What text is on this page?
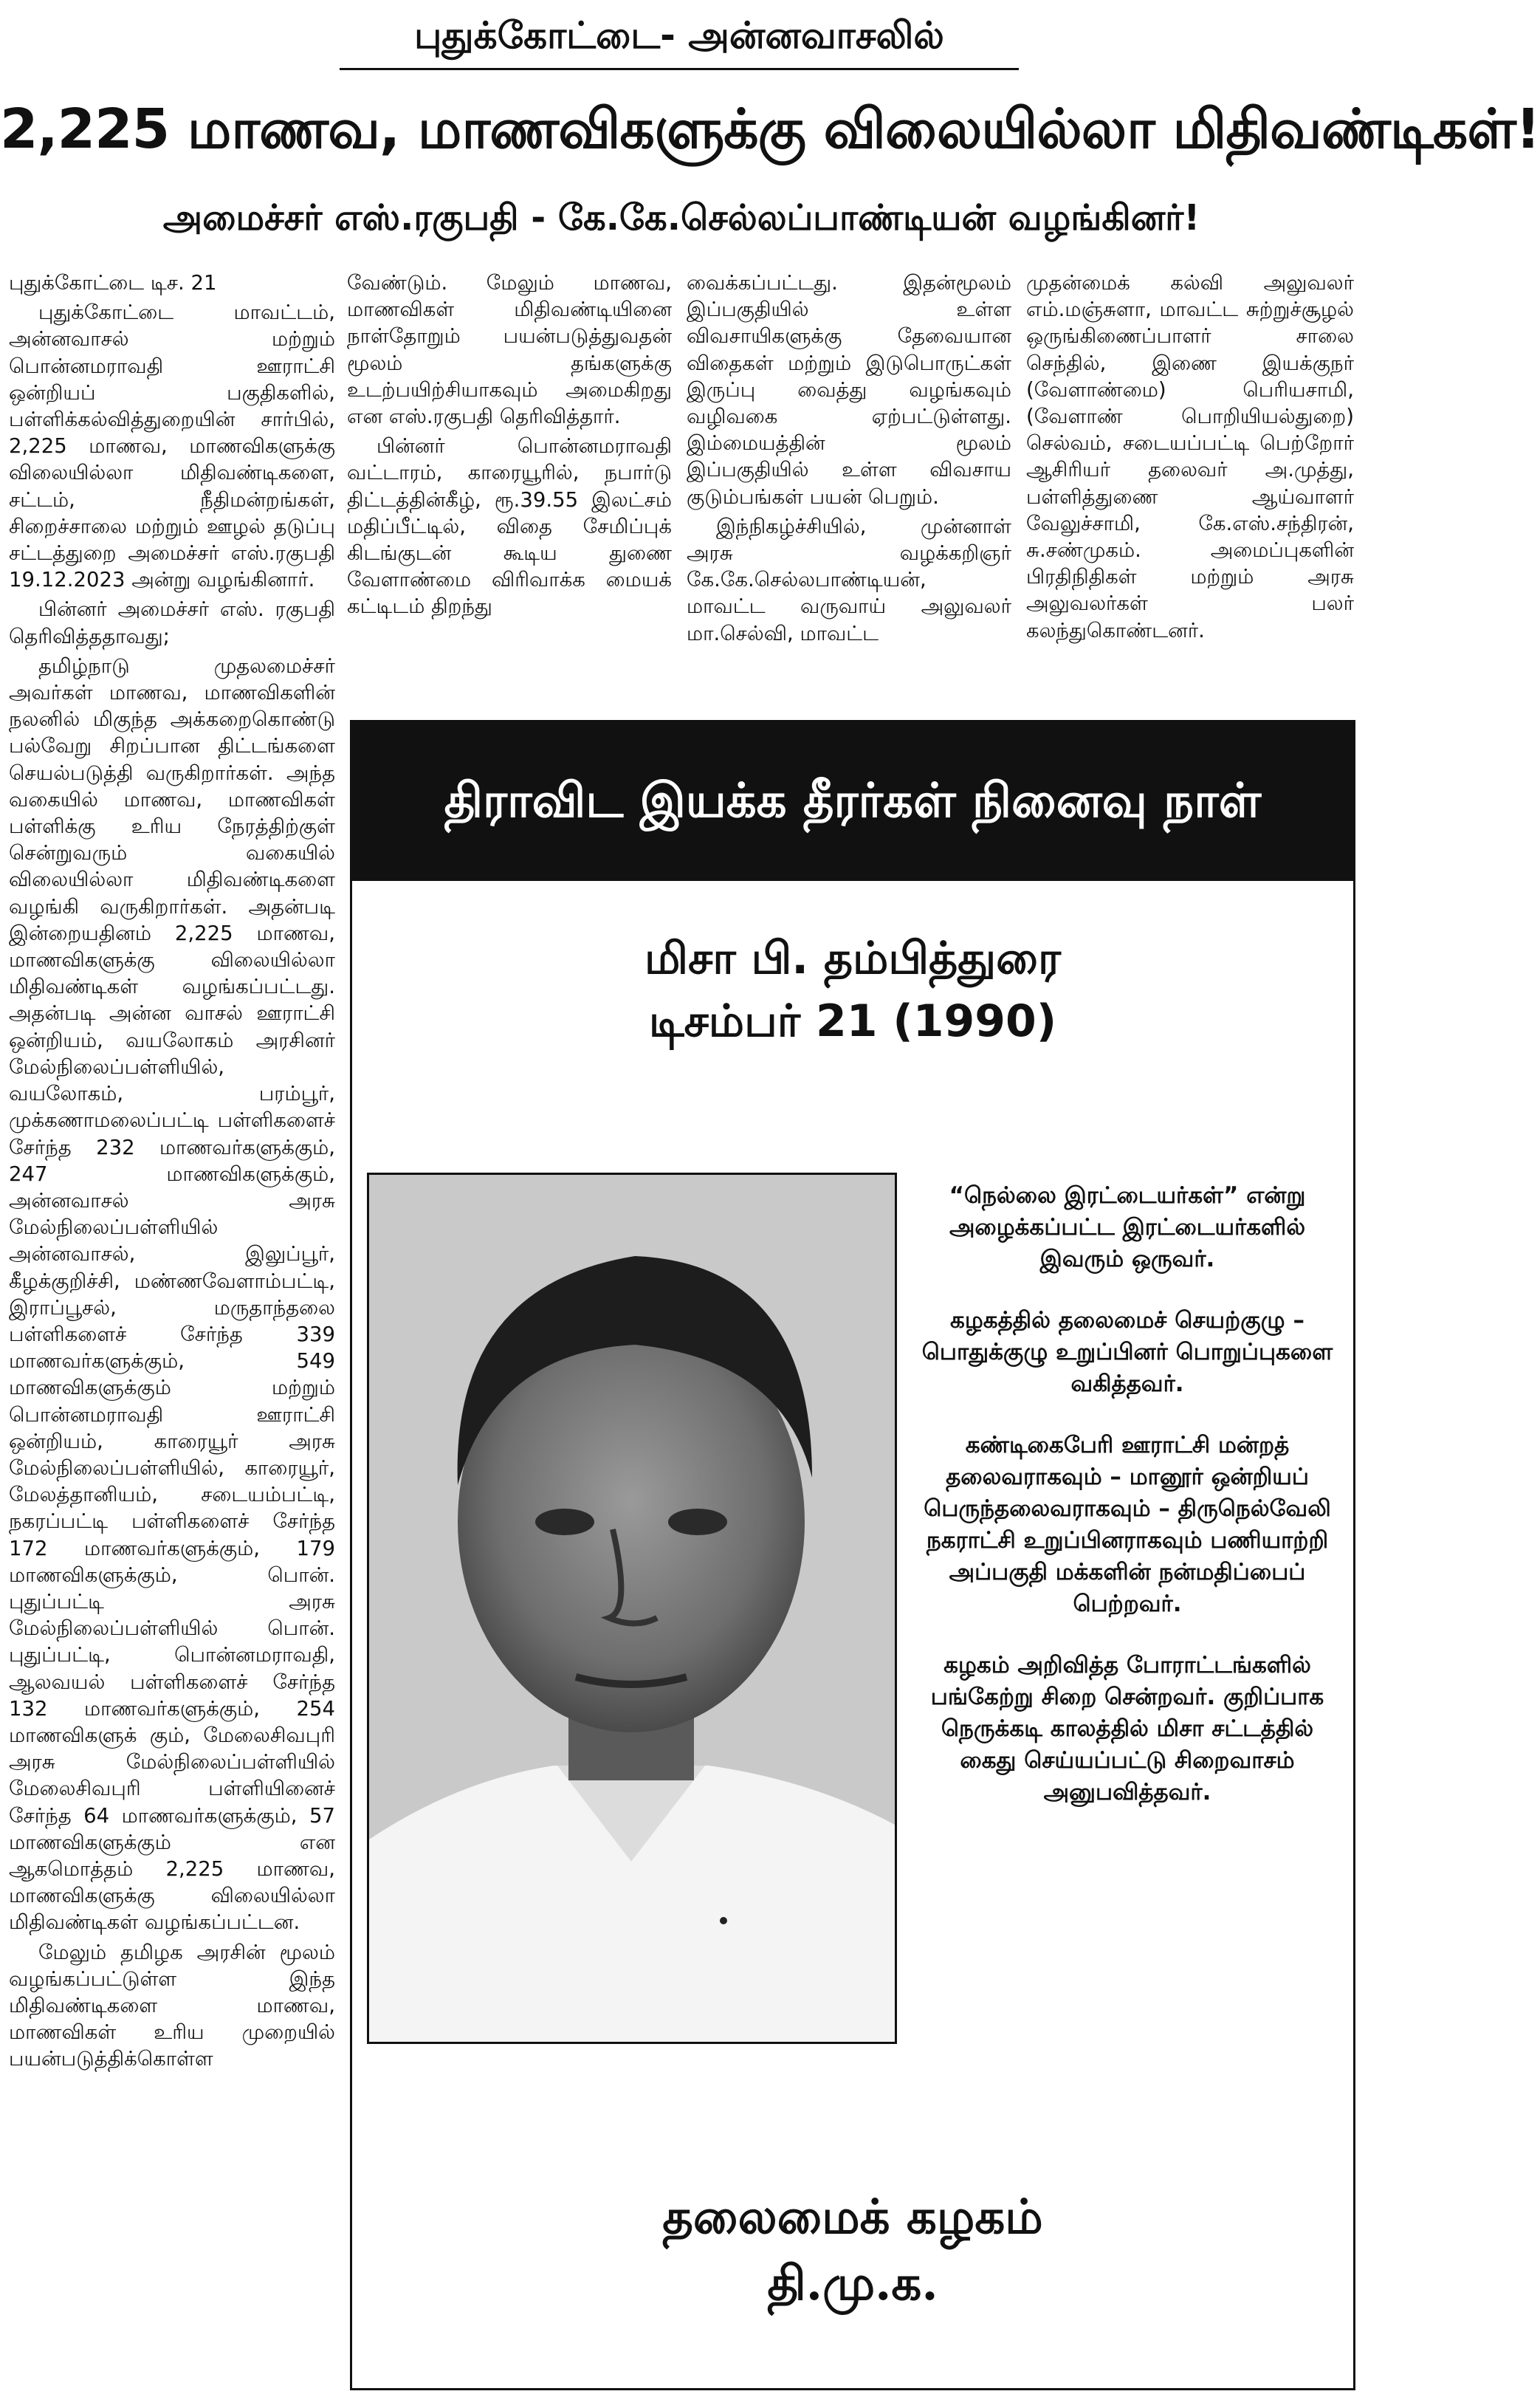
புதுக்கோட்டை- அன்னவாசலில்
2,225 மாணவ, மாணவிகளுக்கு விலையில்லா மிதிவண்டிகள்!
அமைச்சர் எஸ்.ரகுபதி - கே.கே.செல்லப்பாண்டியன் வழங்கினர்!

புதுக்கோட்டை டிச. 21

புதுக்கோட்டை மாவட்டம், அன்னவாசல் மற்றும் பொன்னமராவதி ஊராட்சி ஒன்றியப் பகுதிகளில், பள்ளிக்கல்வித்துறையின் சார்பில், 2,225 மாணவ, மாணவிகளுக்கு விலையில்லா மிதிவண்டிகளை, சட்டம், நீதிமன்றங்கள், சிறைச்சாலை மற்றும் ஊழல் தடுப்பு சட்டத்துறை அமைச்சர் எஸ்.ரகுபதி 19.12.2023 அன்று வழங்கினார்.

பின்னர் அமைச்சர் எஸ். ரகுபதி தெரிவித்ததாவது;

தமிழ்நாடு முதலமைச்சர் அவர்கள் மாணவ, மாணவிகளின் நலனில் மிகுந்த அக்கறைகொண்டு பல்வேறு சிறப்பான திட்டங்களை செயல்படுத்தி வருகிறார்கள். அந்த வகையில் மாணவ, மாணவிகள் பள்ளிக்கு உரிய நேரத்திற்குள் சென்றுவரும் வகையில் விலையில்லா மிதிவண்டிகளை வழங்கி வருகிறார்கள். அதன்படி இன்றையதினம் 2,225 மாணவ, மாணவிகளுக்கு விலையில்லா மிதிவண்டிகள் வழங்கப்பட்டது. அதன்படி அன்ன வாசல் ஊராட்சி ஒன்றியம், வயலோகம் அரசினர் மேல்நிலைப்பள்ளியில், வயலோகம், பரம்பூர், முக்கணாமலைப்பட்டி பள்ளிகளைச் சேர்ந்த 232 மாணவர்களுக்கும், 247 மாணவிகளுக்கும், அன்னவாசல் அரசு மேல்நிலைப்பள்ளியில் அன்னவாசல், இலுப்பூர், கீழக்குறிச்சி, மண்ணவேளாம்பட்டி, இராப்பூசல், மருதாந்தலை பள்ளிகளைச் சேர்ந்த 339 மாணவர்களுக்கும், 549 மாணவிகளுக்கும் மற்றும் பொன்னமராவதி ஊராட்சி ஒன்றியம், காரையூர் அரசு மேல்நிலைப்பள்ளியில், காரையூர், மேலத்தானியம், சடையம்பட்டி, நகரப்பட்டி பள்ளிகளைச் சேர்ந்த 172 மாணவர்களுக்கும், 179 மாணவிகளுக்கும், பொன். புதுப்பட்டி அரசு மேல்நிலைப்பள்ளியில் பொன். புதுப்பட்டி, பொன்னமராவதி, ஆலவயல் பள்ளிகளைச் சேர்ந்த 132 மாணவர்களுக்கும், 254 மாணவிகளுக் கும், மேலைசிவபுரி அரசு மேல்நிலைப்பள்ளியில் மேலைசிவபுரி பள்ளியினைச் சேர்ந்த 64 மாணவர்களுக்கும், 57 மாணவிகளுக்கும் என ஆகமொத்தம் 2,225 மாணவ, மாணவிகளுக்கு விலையில்லா மிதிவண்டிகள் வழங்கப்பட்டன.

மேலும் தமிழக அரசின் மூலம் வழங்கப்பட்டுள்ள இந்த மிதிவண்டிகளை மாணவ, மாணவிகள் உரிய முறையில் பயன்படுத்திக்கொள்ள

வேண்டும். மேலும் மாணவ, மாணவிகள் மிதிவண்டியினை நாள்தோறும் பயன்படுத்துவதன் மூலம் தங்களுக்கு உடற்பயிற்சியாகவும் அமைகிறது என எஸ்.ரகுபதி தெரிவித்தார்.

பின்னர் பொன்னமராவதி வட்டாரம், காரையூரில், நபார்டு திட்டத்தின்கீழ், ரூ.39.55 இலட்சம் மதிப்பீட்டில், விதை சேமிப்புக் கிடங்குடன் கூடிய துணை வேளாண்மை விரிவாக்க மையக் கட்டிடம் திறந்து

வைக்கப்பட்டது. இதன்மூலம் இப்பகுதியில் உள்ள விவசாயிகளுக்கு தேவையான விதைகள் மற்றும் இடுபொருட்கள் இருப்பு வைத்து வழங்கவும் வழிவகை ஏற்பட்டுள்ளது. இம்மையத்தின் மூலம் இப்பகுதியில் உள்ள விவசாய குடும்பங்கள் பயன் பெறும்.

இந்நிகழ்ச்சியில், முன்னாள் அரசு வழக்கறிஞர் கே.கே.செல்லபாண்டியன், மாவட்ட வருவாய் அலுவலர் மா.செல்வி, மாவட்ட

முதன்மைக் கல்வி அலுவலர் எம்.மஞ்சுளா, மாவட்ட சுற்றுச்சூழல் ஒருங்கிணைப்பாளர் சாலை செந்தில், இணை இயக்குநர் (வேளாண்மை) பெரியசாமி, (வேளாண் பொறியியல்துறை) செல்வம், சடையப்பட்டி பெற்றோர் ஆசிரியர் தலைவர் அ.முத்து, பள்ளித்துணை ஆய்வாளர் வேலுச்சாமி, கே.எஸ்.சந்திரன், சு.சண்முகம். அமைப்புகளின் பிரதிநிதிகள் மற்றும் அரசு அலுவலர்கள் பலர் கலந்துகொண்டனர்.

திராவிட இயக்க தீரர்கள் நினைவு நாள்
மிசா பி. தம்பித்துரை
டிசம்பர் 21 (1990)

“நெல்லை இரட்டையர்கள்” என்று அழைக்கப்பட்ட இரட்டையர்களில் இவரும் ஒருவர்.

கழகத்தில் தலைமைச் செயற்குழு – பொதுக்குழு உறுப்பினர் பொறுப்புகளை வகித்தவர்.

கண்டிகைபேரி ஊராட்சி மன்றத் தலைவராகவும் – மானூர் ஒன்றியப் பெருந்தலைவராகவும் – திருநெல்வேலி நகராட்சி உறுப்பினராகவும் பணியாற்றி அப்பகுதி மக்களின் நன்மதிப்பைப் பெற்றவர்.

கழகம் அறிவித்த போராட்டங்களில் பங்கேற்று சிறை சென்றவர். குறிப்பாக நெருக்கடி காலத்தில் மிசா சட்டத்தில் கைது செய்யப்பட்டு சிறைவாசம் அனுபவித்தவர்.

தலைமைக் கழகம்
தி.மு.க.
